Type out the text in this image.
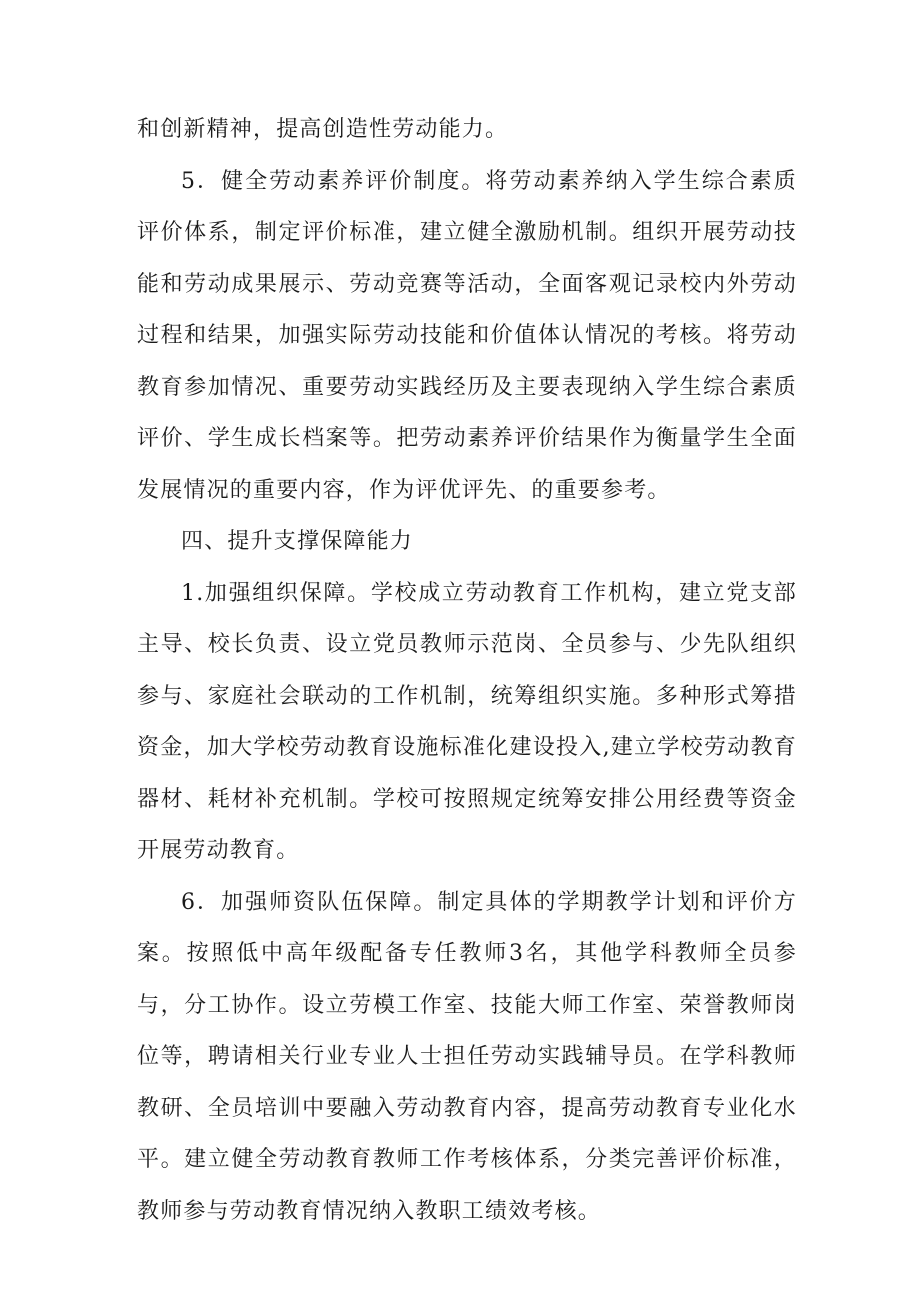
和创新精神，提高创造性劳动能力。

5．健全劳动素养评价制度。将劳动素养纳入学生综合素质评价体系，制定评价标准，建立健全激励机制。组织开展劳动技能和劳动成果展示、劳动竞赛等活动，全面客观记录校内外劳动过程和结果，加强实际劳动技能和价值体认情况的考核。将劳动教育参加情况、重要劳动实践经历及主要表现纳入学生综合素质评价、学生成长档案等。把劳动素养评价结果作为衡量学生全面发展情况的重要内容，作为评优评先、的重要参考。

四、提升支撑保障能力

1.加强组织保障。学校成立劳动教育工作机构，建立党支部主导、校长负责、设立党员教师示范岗、全员参与、少先队组织参与、家庭社会联动的工作机制，统筹组织实施。多种形式筹措资金，加大学校劳动教育设施标准化建设投入,建立学校劳动教育器材、耗材补充机制。学校可按照规定统筹安排公用经费等资金开展劳动教育。

6．加强师资队伍保障。制定具体的学期教学计划和评价方案。按照低中高年级配备专任教师3名，其他学科教师全员参与，分工协作。设立劳模工作室、技能大师工作室、荣誉教师岗位等，聘请相关行业专业人士担任劳动实践辅导员。在学科教师教研、全员培训中要融入劳动教育内容，提高劳动教育专业化水平。建立健全劳动教育教师工作考核体系，分类完善评价标准，教师参与劳动教育情况纳入教职工绩效考核。
